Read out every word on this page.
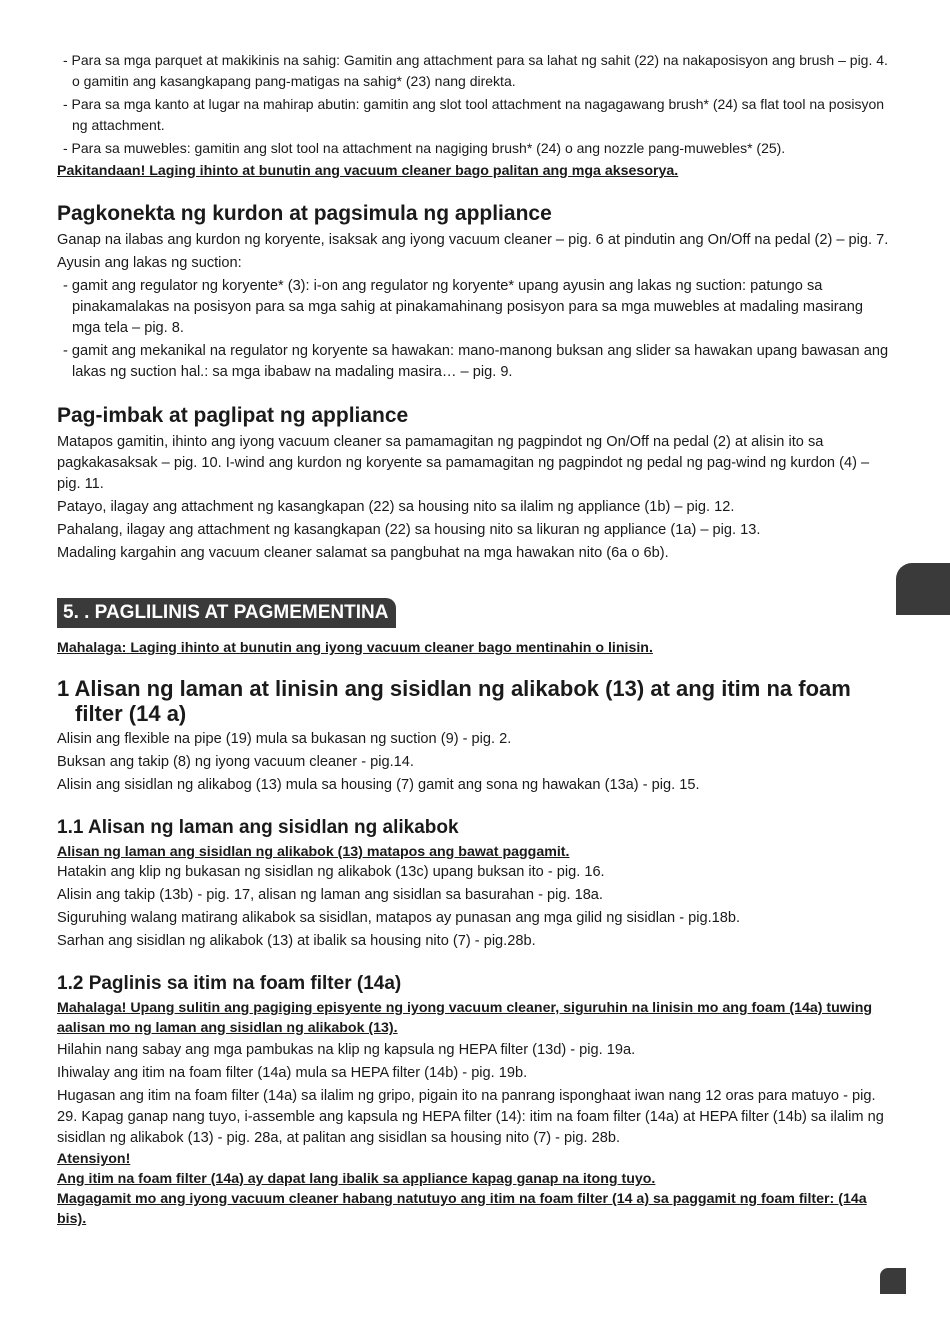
- Para sa mga parquet at makikinis na sahig: Gamitin ang attachment para sa lahat ng sahit (22) na nakaposisyon ang brush – pig. 4. o gamitin ang kasangkapang pang-matigas na sahig* (23) nang direkta.

- Para sa mga kanto at lugar na mahirap abutin: gamitin ang slot tool attachment na nagagawang brush* (24) sa flat tool na posisyon ng attachment.

- Para sa muwebles: gamitin ang slot tool na attachment na nagiging brush* (24) o ang nozzle pang-muwebles* (25).

Pakitandaan! Laging ihinto at bunutin ang vacuum cleaner bago palitan ang mga aksesorya.

Pagkonekta ng kurdon at pagsimula ng appliance

Ganap na ilabas ang kurdon ng koryente, isaksak ang iyong vacuum cleaner – pig. 6 at pindutin ang On/Off na pedal (2) – pig. 7.

Ayusin ang lakas ng suction:

- gamit ang regulator ng koryente* (3): i-on ang regulator ng koryente* upang ayusin ang lakas ng suction: patungo sa pinakamalakas na posisyon para sa mga sahig at pinakamahinang posisyon para sa mga muwebles at madaling masirang mga tela – pig. 8.

- gamit ang mekanikal na regulator ng koryente sa hawakan: mano-manong buksan ang slider sa hawakan upang bawasan ang lakas ng suction hal.: sa mga ibabaw na madaling masira… – pig. 9.

Pag-imbak at paglipat ng appliance

Matapos gamitin, ihinto ang iyong vacuum cleaner sa pamamagitan ng pagpindot ng On/Off na pedal (2) at alisin ito sa pagkakasaksak – pig. 10. I-wind ang kurdon ng koryente sa pamamagitan ng pagpindot ng pedal ng pag-wind ng kurdon (4) – pig. 11.

Patayo, ilagay ang attachment ng kasangkapan (22) sa housing nito sa ilalim ng appliance (1b) – pig. 12.

Pahalang, ilagay ang attachment ng kasangkapan (22) sa housing nito sa likuran ng appliance (1a) – pig. 13.

Madaling kargahin ang vacuum cleaner salamat sa pangbuhat na mga hawakan nito (6a o 6b).

5. . PAGLILINIS AT PAGMEMENTINA

Mahalaga: Laging ihinto at bunutin ang iyong vacuum cleaner bago mentinahin o linisin.

1 Alisan ng laman at linisin ang sisidlan ng alikabok (13) at ang itim na foam filter (14 a)

Alisin ang flexible na pipe (19) mula sa bukasan ng suction (9) - pig. 2.

Buksan ang takip (8) ng iyong vacuum cleaner - pig.14.

Alisin ang sisidlan ng alikabog (13) mula sa housing (7) gamit ang sona ng hawakan (13a) - pig. 15.

1.1 Alisan ng laman ang sisidlan ng alikabok

Alisan ng laman ang sisidlan ng alikabok (13) matapos ang bawat paggamit.

Hatakin ang klip ng bukasan ng sisidlan ng alikabok (13c) upang buksan ito - pig. 16.

Alisin ang takip (13b) - pig. 17, alisan ng laman ang sisidlan sa basurahan - pig. 18a.

Siguruhing walang matirang alikabok sa sisidlan, matapos ay punasan ang mga gilid ng sisidlan - pig.18b.

Sarhan ang sisidlan ng alikabok (13) at ibalik sa housing nito (7) - pig.28b.

1.2 Paglinis sa itim na foam filter (14a)

Mahalaga! Upang sulitin ang pagiging episyente ng iyong vacuum cleaner, siguruhin na linisin mo ang foam (14a) tuwing aalisan mo ng laman ang sisidlan ng alikabok (13).

Hilahin nang sabay ang mga pambukas na klip ng kapsula ng HEPA filter (13d) - pig. 19a.

Ihiwalay ang itim na foam filter (14a) mula sa HEPA filter (14b) - pig. 19b.

Hugasan ang itim na foam filter (14a) sa ilalim ng gripo, pigain ito na panrang isponghaat iwan nang 12 oras para matuyo - pig. 29. Kapag ganap nang tuyo, i-assemble ang kapsula ng HEPA filter (14): itim na foam filter (14a) at HEPA filter (14b) sa ilalim ng sisidlan ng alikabok (13) - pig. 28a, at palitan ang sisidlan sa housing nito (7) - pig. 28b.

Atensiyon!

Ang itim na foam filter (14a) ay dapat lang ibalik sa appliance kapag ganap na itong tuyo.

Magagamit mo ang iyong vacuum cleaner habang natutuyo ang itim na foam filter (14 a) sa paggamit ng foam filter: (14a bis).
